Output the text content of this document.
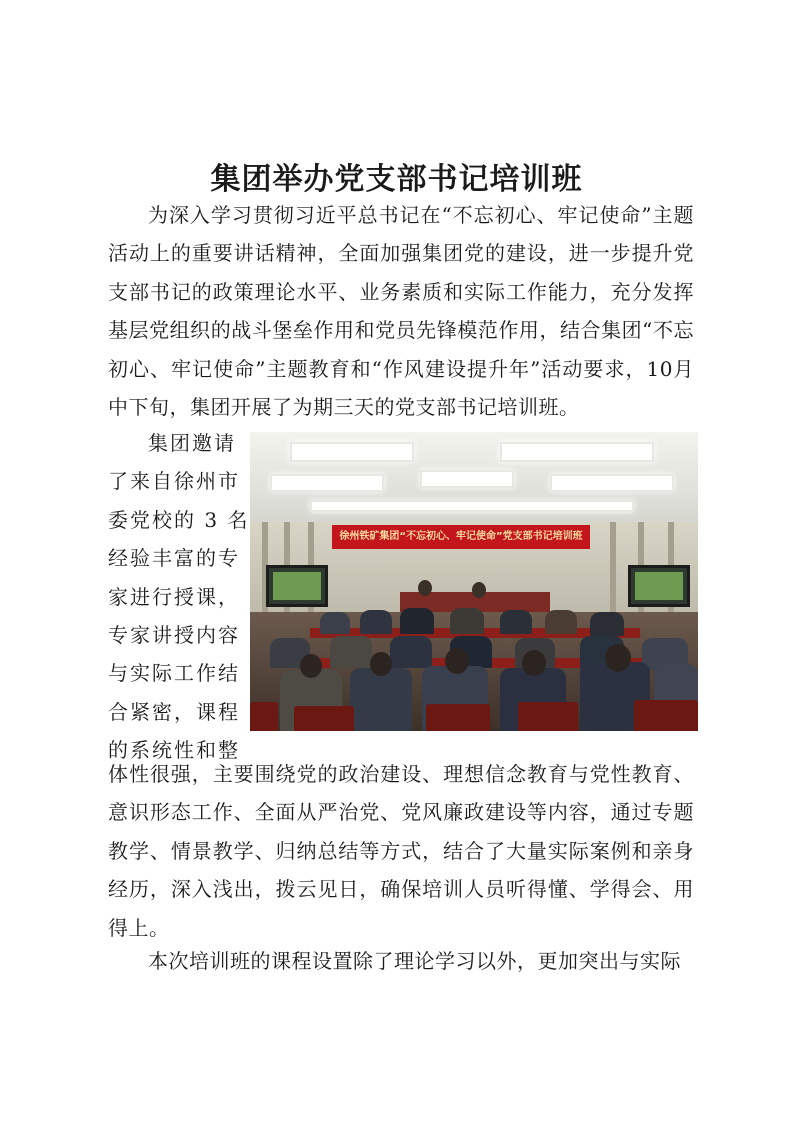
集团举办党支部书记培训班

为深入学习贯彻习近平总书记在“不忘初心、牢记使命”主题活动上的重要讲话精神，全面加强集团党的建设，进一步提升党支部书记的政策理论水平、业务素质和实际工作能力，充分发挥基层党组织的战斗堡垒作用和党员先锋模范作用，结合集团“不忘初心、牢记使命”主题教育和“作风建设提升年”活动要求，10月中下旬，集团开展了为期三天的党支部书记培训班。

集团邀请
了来自徐州市
委党校的 3 名
经验丰富的专
家进行授课，
专家讲授内容
与实际工作结
合紧密，课程
的系统性和整
徐州铁矿集团“不忘初心、牢记使命”党支部书记培训班

体性很强，主要围绕党的政治建设、理想信念教育与党性教育、意识形态工作、全面从严治党、党风廉政建设等内容，通过专题教学、情景教学、归纳总结等方式，结合了大量实际案例和亲身经历，深入浅出，拨云见日，确保培训人员听得懂、学得会、用得上。

本次培训班的课程设置除了理论学习以外，更加突出与实际
